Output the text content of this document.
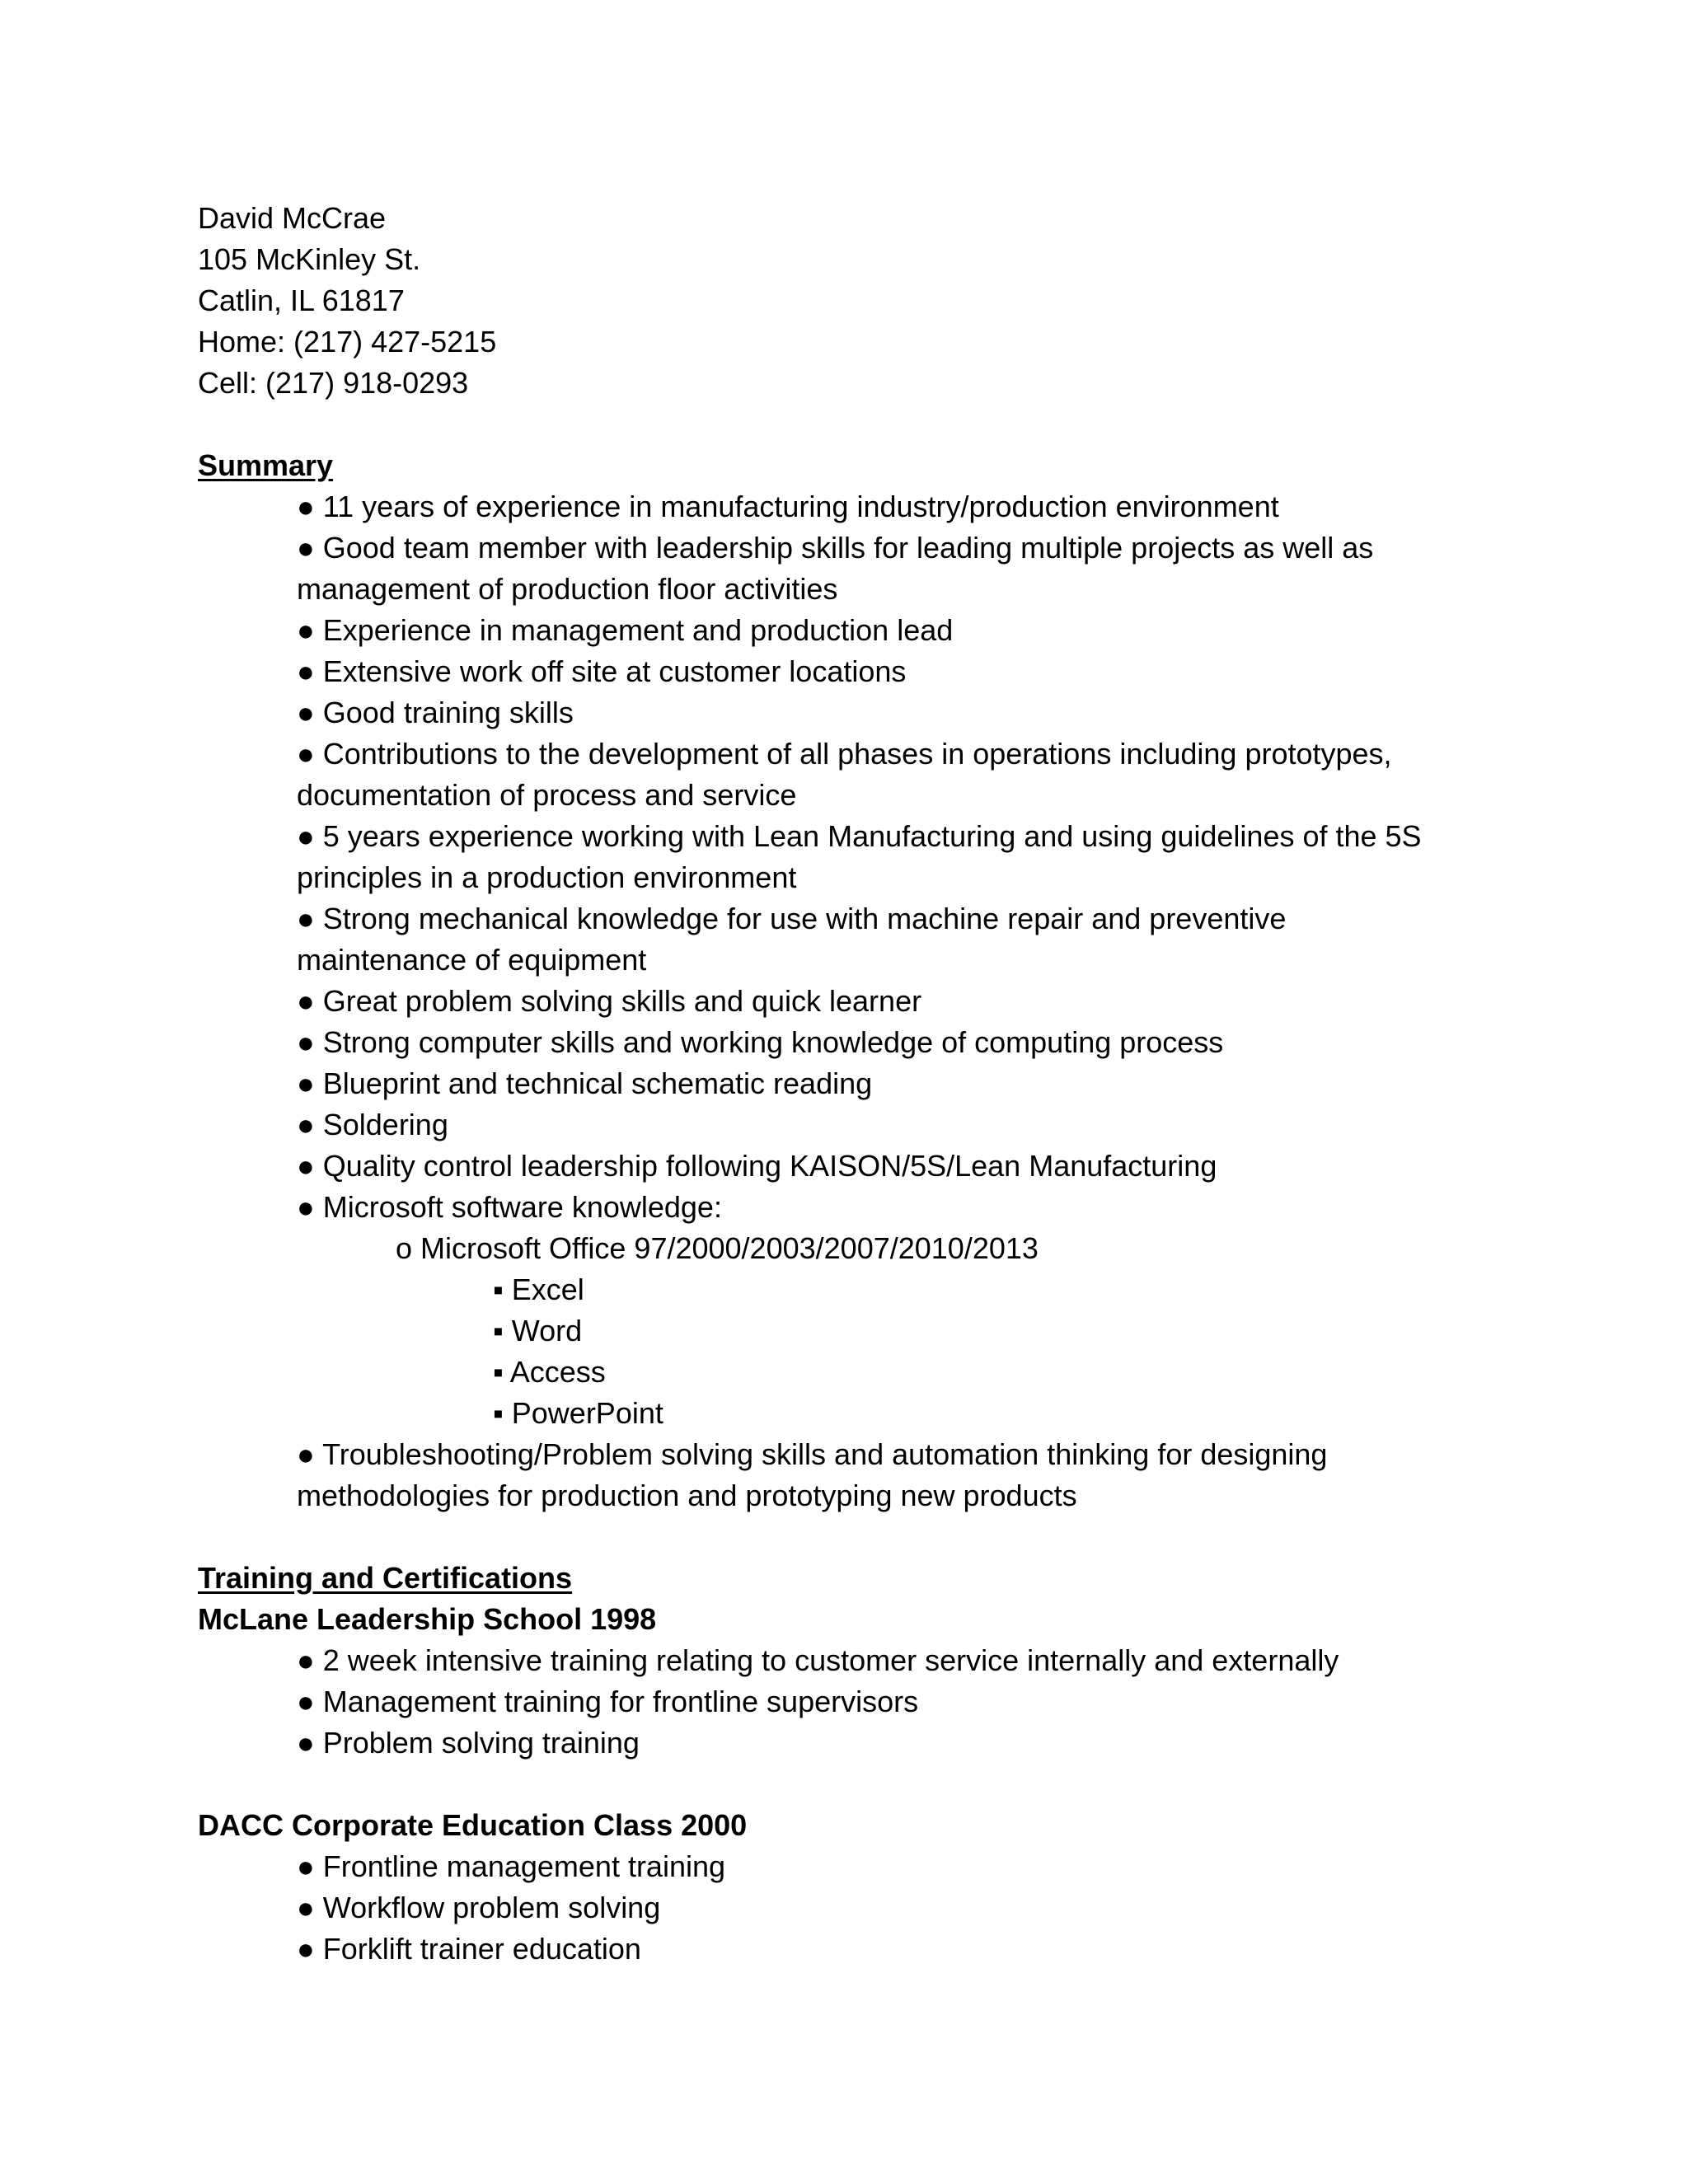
David McCrae
105 McKinley St.
Catlin, IL 61817
Home: (217) 427-5215
Cell: (217) 918-0293
Summary
● 11 years of experience in manufacturing industry/production environment
● Good team member with leadership skills for leading multiple projects as well as
management of production floor activities
● Experience in management and production lead
● Extensive work off site at customer locations
● Good training skills
● Contributions to the development of all phases in operations including prototypes,
documentation of process and service
● 5 years experience working with Lean Manufacturing and using guidelines of the 5S
principles in a production environment
● Strong mechanical knowledge for use with machine repair and preventive
maintenance of equipment
● Great problem solving skills and quick learner
● Strong computer skills and working knowledge of computing process
● Blueprint and technical schematic reading
● Soldering
● Quality control leadership following KAISON/5S/Lean Manufacturing
● Microsoft software knowledge:
o Microsoft Office 97/2000/2003/2007/2010/2013
▪ Excel
▪ Word
▪ Access
▪ PowerPoint
● Troubleshooting/Problem solving skills and automation thinking for designing
methodologies for production and prototyping new products
Training and Certifications
McLane Leadership School 1998
● 2 week intensive training relating to customer service internally and externally
● Management training for frontline supervisors
● Problem solving training
DACC Corporate Education Class 2000
● Frontline management training
● Workflow problem solving
● Forklift trainer education
